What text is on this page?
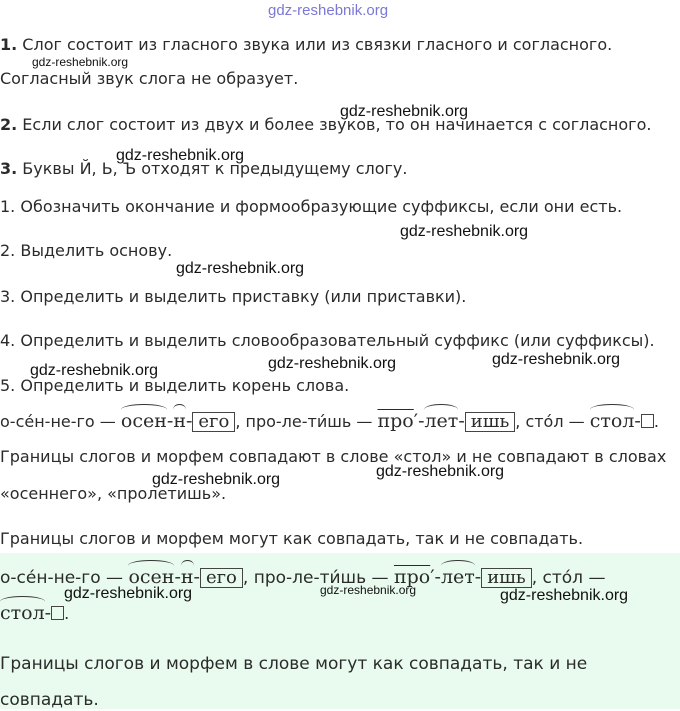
gdz-reshebnik.org
1. Слог состоит из гласного звука или из связки гласного и согласного.
Согласный звук слога не образует.
2. Если слог состоит из двух и более звуков, то он начинается с согласного.
3. Буквы Й, Ь, Ъ отходят к предыдущему слогу.
1. Обозначить окончание и формообразующие суффиксы, если они есть.
2. Выделить основу.
3. Определить и выделить приставку (или приставки).
4. Определить и выделить словообразовательный суффикс (или суффиксы).
5. Определить и выделить корень слова.
о-се́н-не-го — осен-н- его , про-ле-ти́шь — про′-лет- ишь , сто́л — стол- .
Границы слогов и морфем совпадают в слове «стол» и не совпадают в словах
«осеннего», «пролетишь».
Границы слогов и морфем могут как совпадать, так и не совпадать.
о-се́н-не-го — осен-н- его , про-ле-ти́шь — про′-лет- ишь , сто́л —
стол- .
Границы слогов и морфем в слове могут как совпадать, так и не
совпадать.
gdz-reshebnik.org
gdz-reshebnik.org
gdz-reshebnik.org
gdz-reshebnik.org
gdz-reshebnik.org
gdz-reshebnik.org	gdz-reshebnik.org	gdz-reshebnik.org
gdz-reshebnik.org
gdz-reshebnik.org
gdz-reshebnik.org	gdz-reshebnik.org	gdz-reshebnik.org
